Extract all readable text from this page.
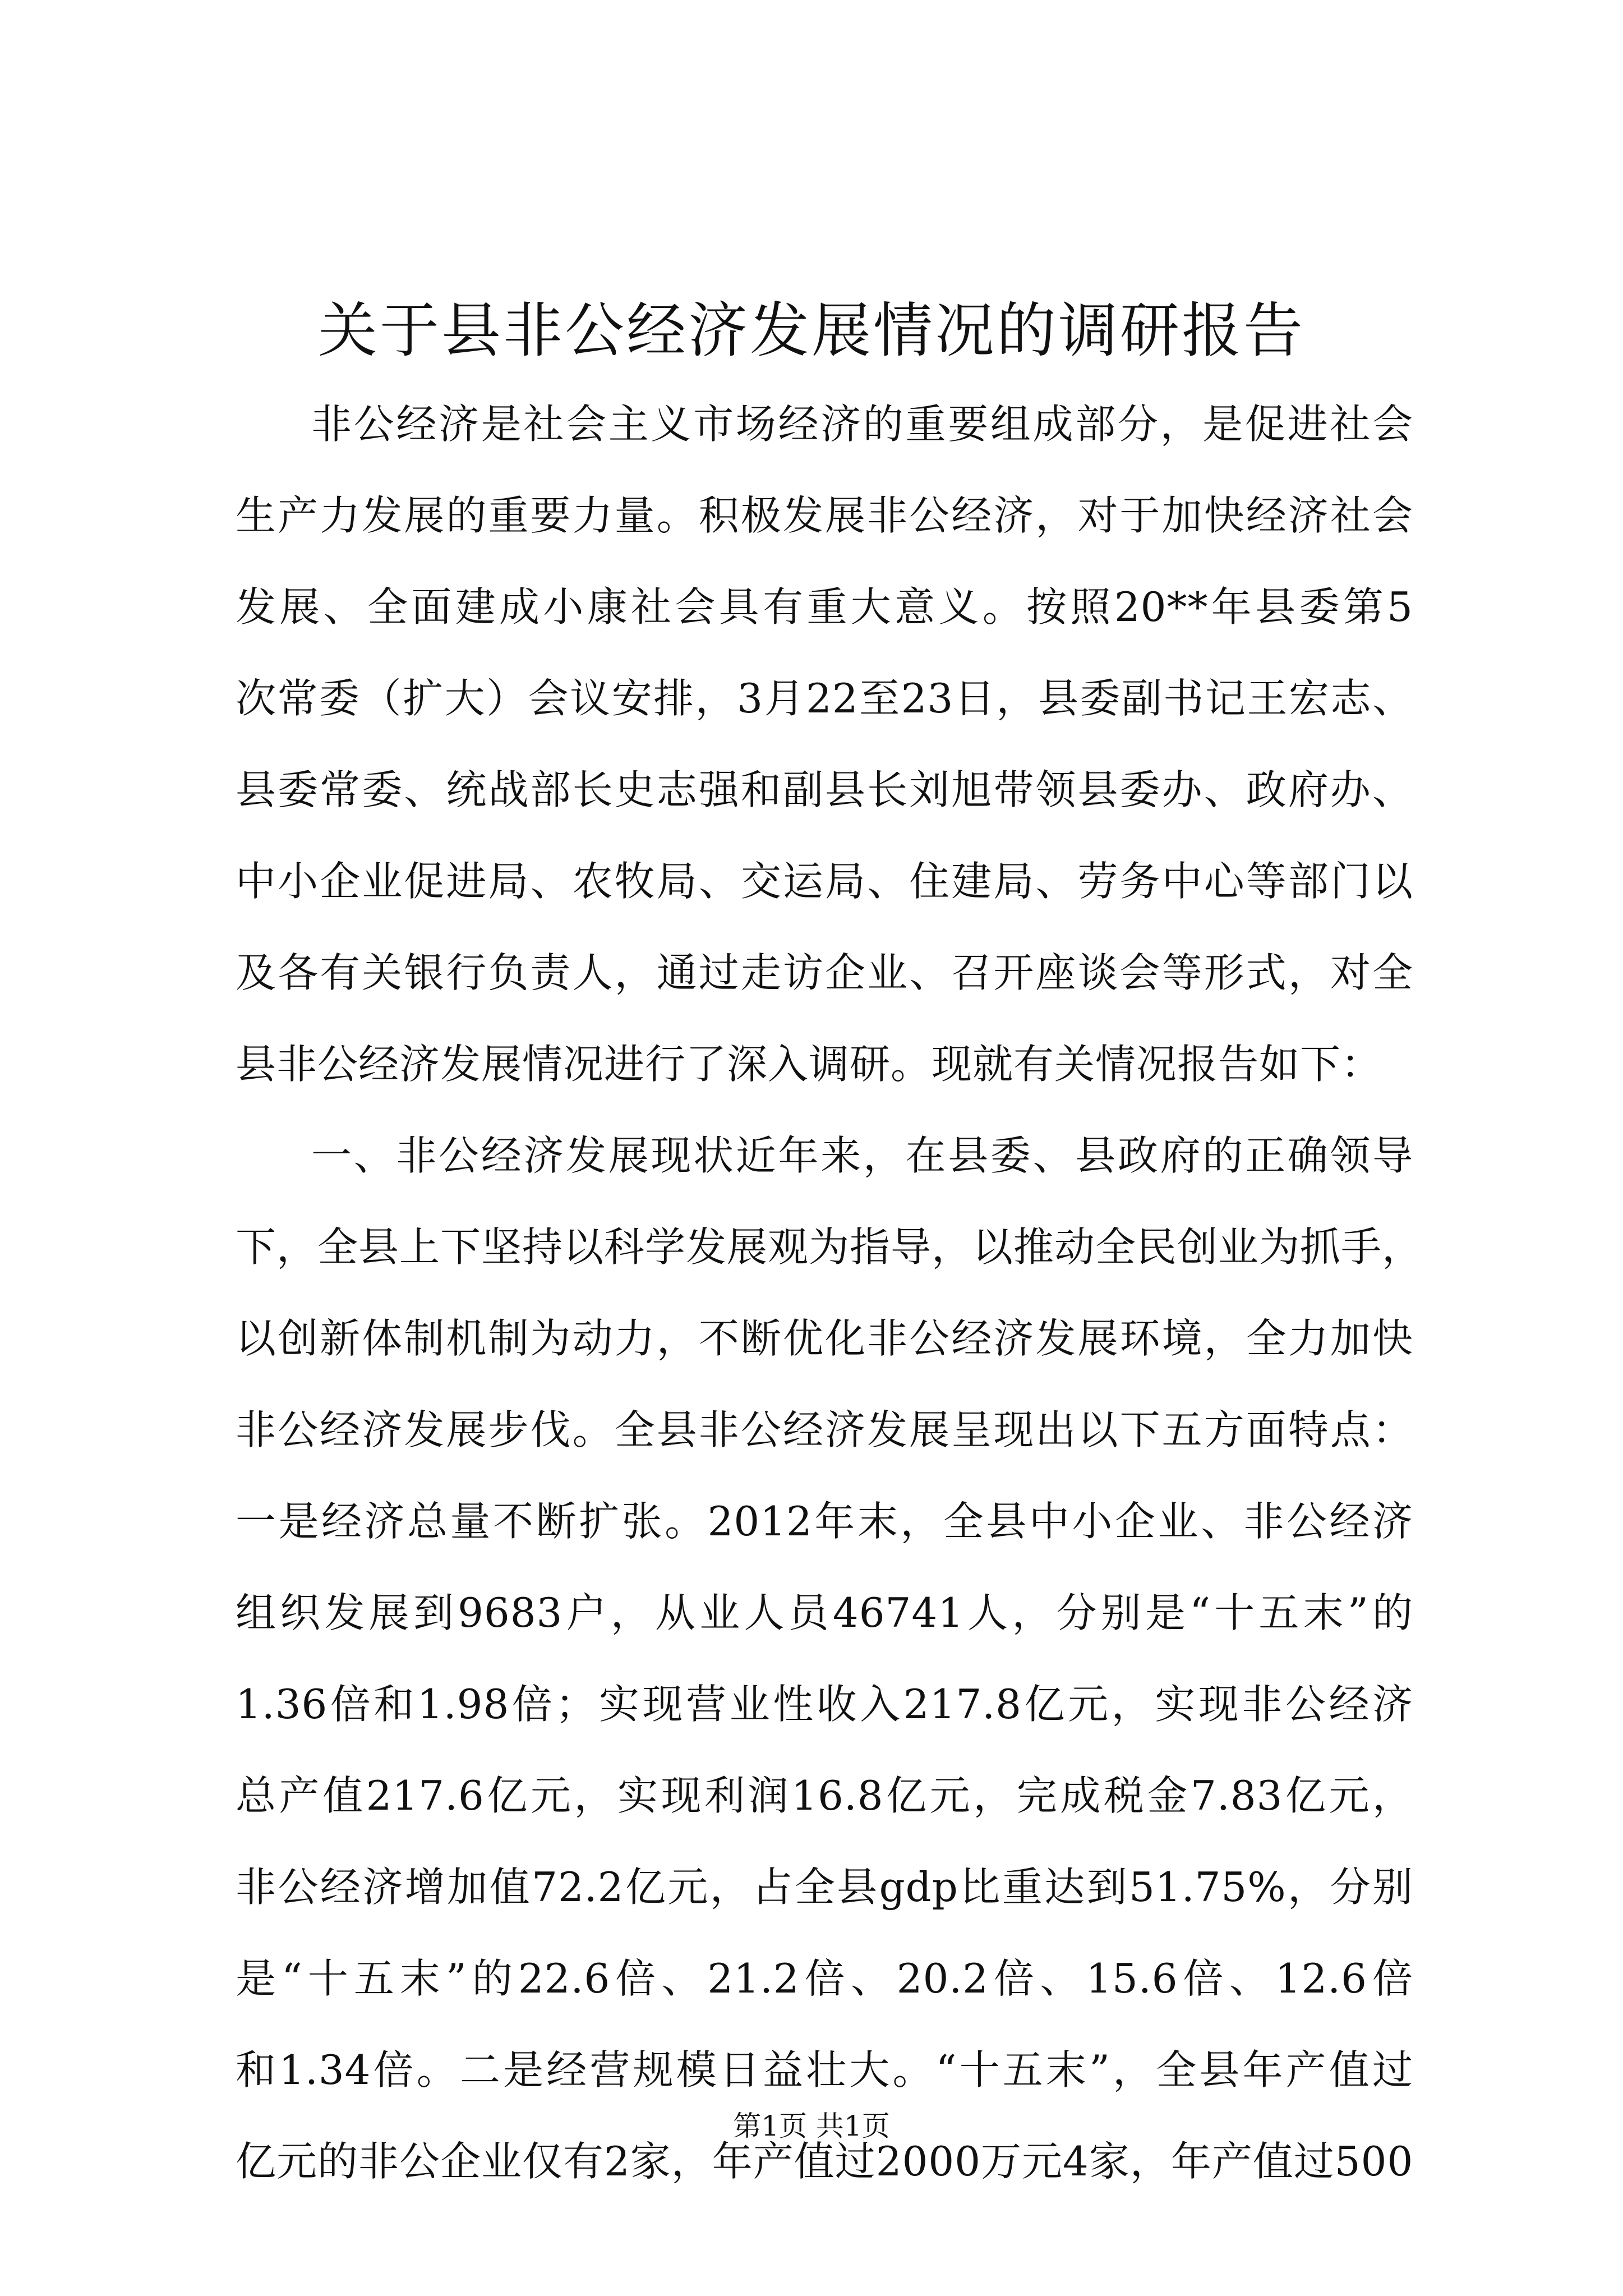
关于县非公经济发展情况的调研报告
非公经济是社会主义市场经济的重要组成部分，是促进社会
生产力发展的重要力量。积极发展非公经济，对于加快经济社会
发展、全面建成小康社会具有重大意义。按照20**年县委第5
次常委（扩大）会议安排，3月22至23日，县委副书记王宏志、
县委常委、统战部长史志强和副县长刘旭带领县委办、政府办、
中小企业促进局、农牧局、交运局、住建局、劳务中心等部门以
及各有关银行负责人，通过走访企业、召开座谈会等形式，对全
县非公经济发展情况进行了深入调研。现就有关情况报告如下：
一、非公经济发展现状近年来，在县委、县政府的正确领导
下，全县上下坚持以科学发展观为指导，以推动全民创业为抓手，
以创新体制机制为动力，不断优化非公经济发展环境，全力加快
非公经济发展步伐。全县非公经济发展呈现出以下五方面特点：
一是经济总量不断扩张。2012年末，全县中小企业、非公经济
组织发展到9683户，从业人员46741人，分别是“十五末”的
1.36倍和1.98倍；实现营业性收入217.8亿元，实现非公经济
总产值217.6亿元，实现利润16.8亿元，完成税金7.83亿元，
非公经济增加值72.2亿元，占全县gdp比重达到51.75%，分别
是“十五末”的22.6倍、21.2倍、20.2倍、15.6倍、12.6倍
和1.34倍。二是经营规模日益壮大。“十五末”，全县年产值过
亿元的非公企业仅有2家，年产值过2000万元4家，年产值过500
第1页 共1页
